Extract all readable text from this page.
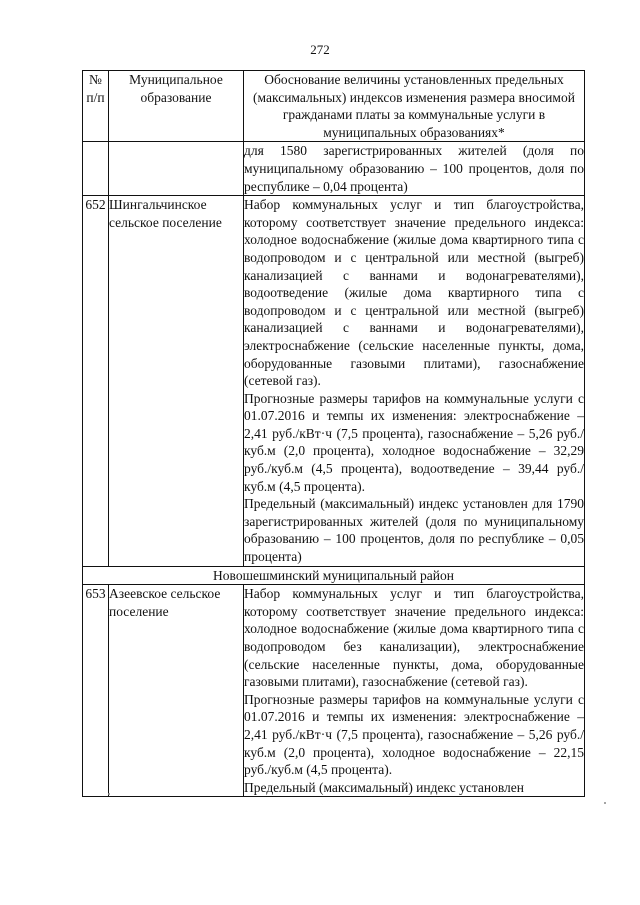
272
№ п/п	Муниципальное образование	Обоснование величины установленных предельных (максимальных) индексов изменения размера вносимой гражданами платы за коммунальные услуги в муниципальных образованиях*

		для 1580 зарегистрированных жителей (доля по муниципальному образованию – 100 процентов, доля по республике – 0,04 процента)

652	Шингальчинское сельское поселение	Набор коммунальных услуг и тип благоустройства, которому соответствует значение предельного индекса: холодное водоснабжение (жилые дома квартирного типа с водопроводом и с центральной или местной (выгреб) канализацией с ваннами и водонагревателями), водоотведение (жилые дома квартирного типа с водопроводом и с центральной или местной (выгреб) канализацией с ваннами и водонагревателями), электроснабжение (сельские населенные пункты, дома, оборудованные газовыми плитами), газоснабжение (сетевой газ).
Прогнозные размеры тарифов на коммунальные услуги с 01.07.2016 и темпы их изменения: электроснабжение – 2,41 руб./кВт·ч (7,5 процента), газоснабжение – 5,26 руб./куб.м (2,0 процента), холодное водоснабжение – 32,29 руб./куб.м (4,5 процента), водоотведение – 39,44 руб./куб.м (4,5 процента).
Предельный (максимальный) индекс установлен для 1790 зарегистрированных жителей (доля по муниципальному образованию – 100 процентов, доля по республике – 0,05 процента)

Новошешминский муниципальный район		
653	Азеевское сельское поселение	Набор коммунальных услуг и тип благоустройства, которому соответствует значение предельного индекса: холодное водоснабжение (жилые дома квартирного типа с водопроводом без канализации), электроснабжение (сельские населенные пункты, дома, оборудованные газовыми плитами), газоснабжение (сетевой газ).
Прогнозные размеры тарифов на коммунальные услуги с 01.07.2016 и темпы их изменения: электроснабжение – 2,41 руб./кВт·ч (7,5 процента), газоснабжение – 5,26 руб./куб.м (2,0 процента), холодное водоснабжение – 22,15 руб./куб.м (4,5 процента).
Предельный (максимальный) индекс установлен
